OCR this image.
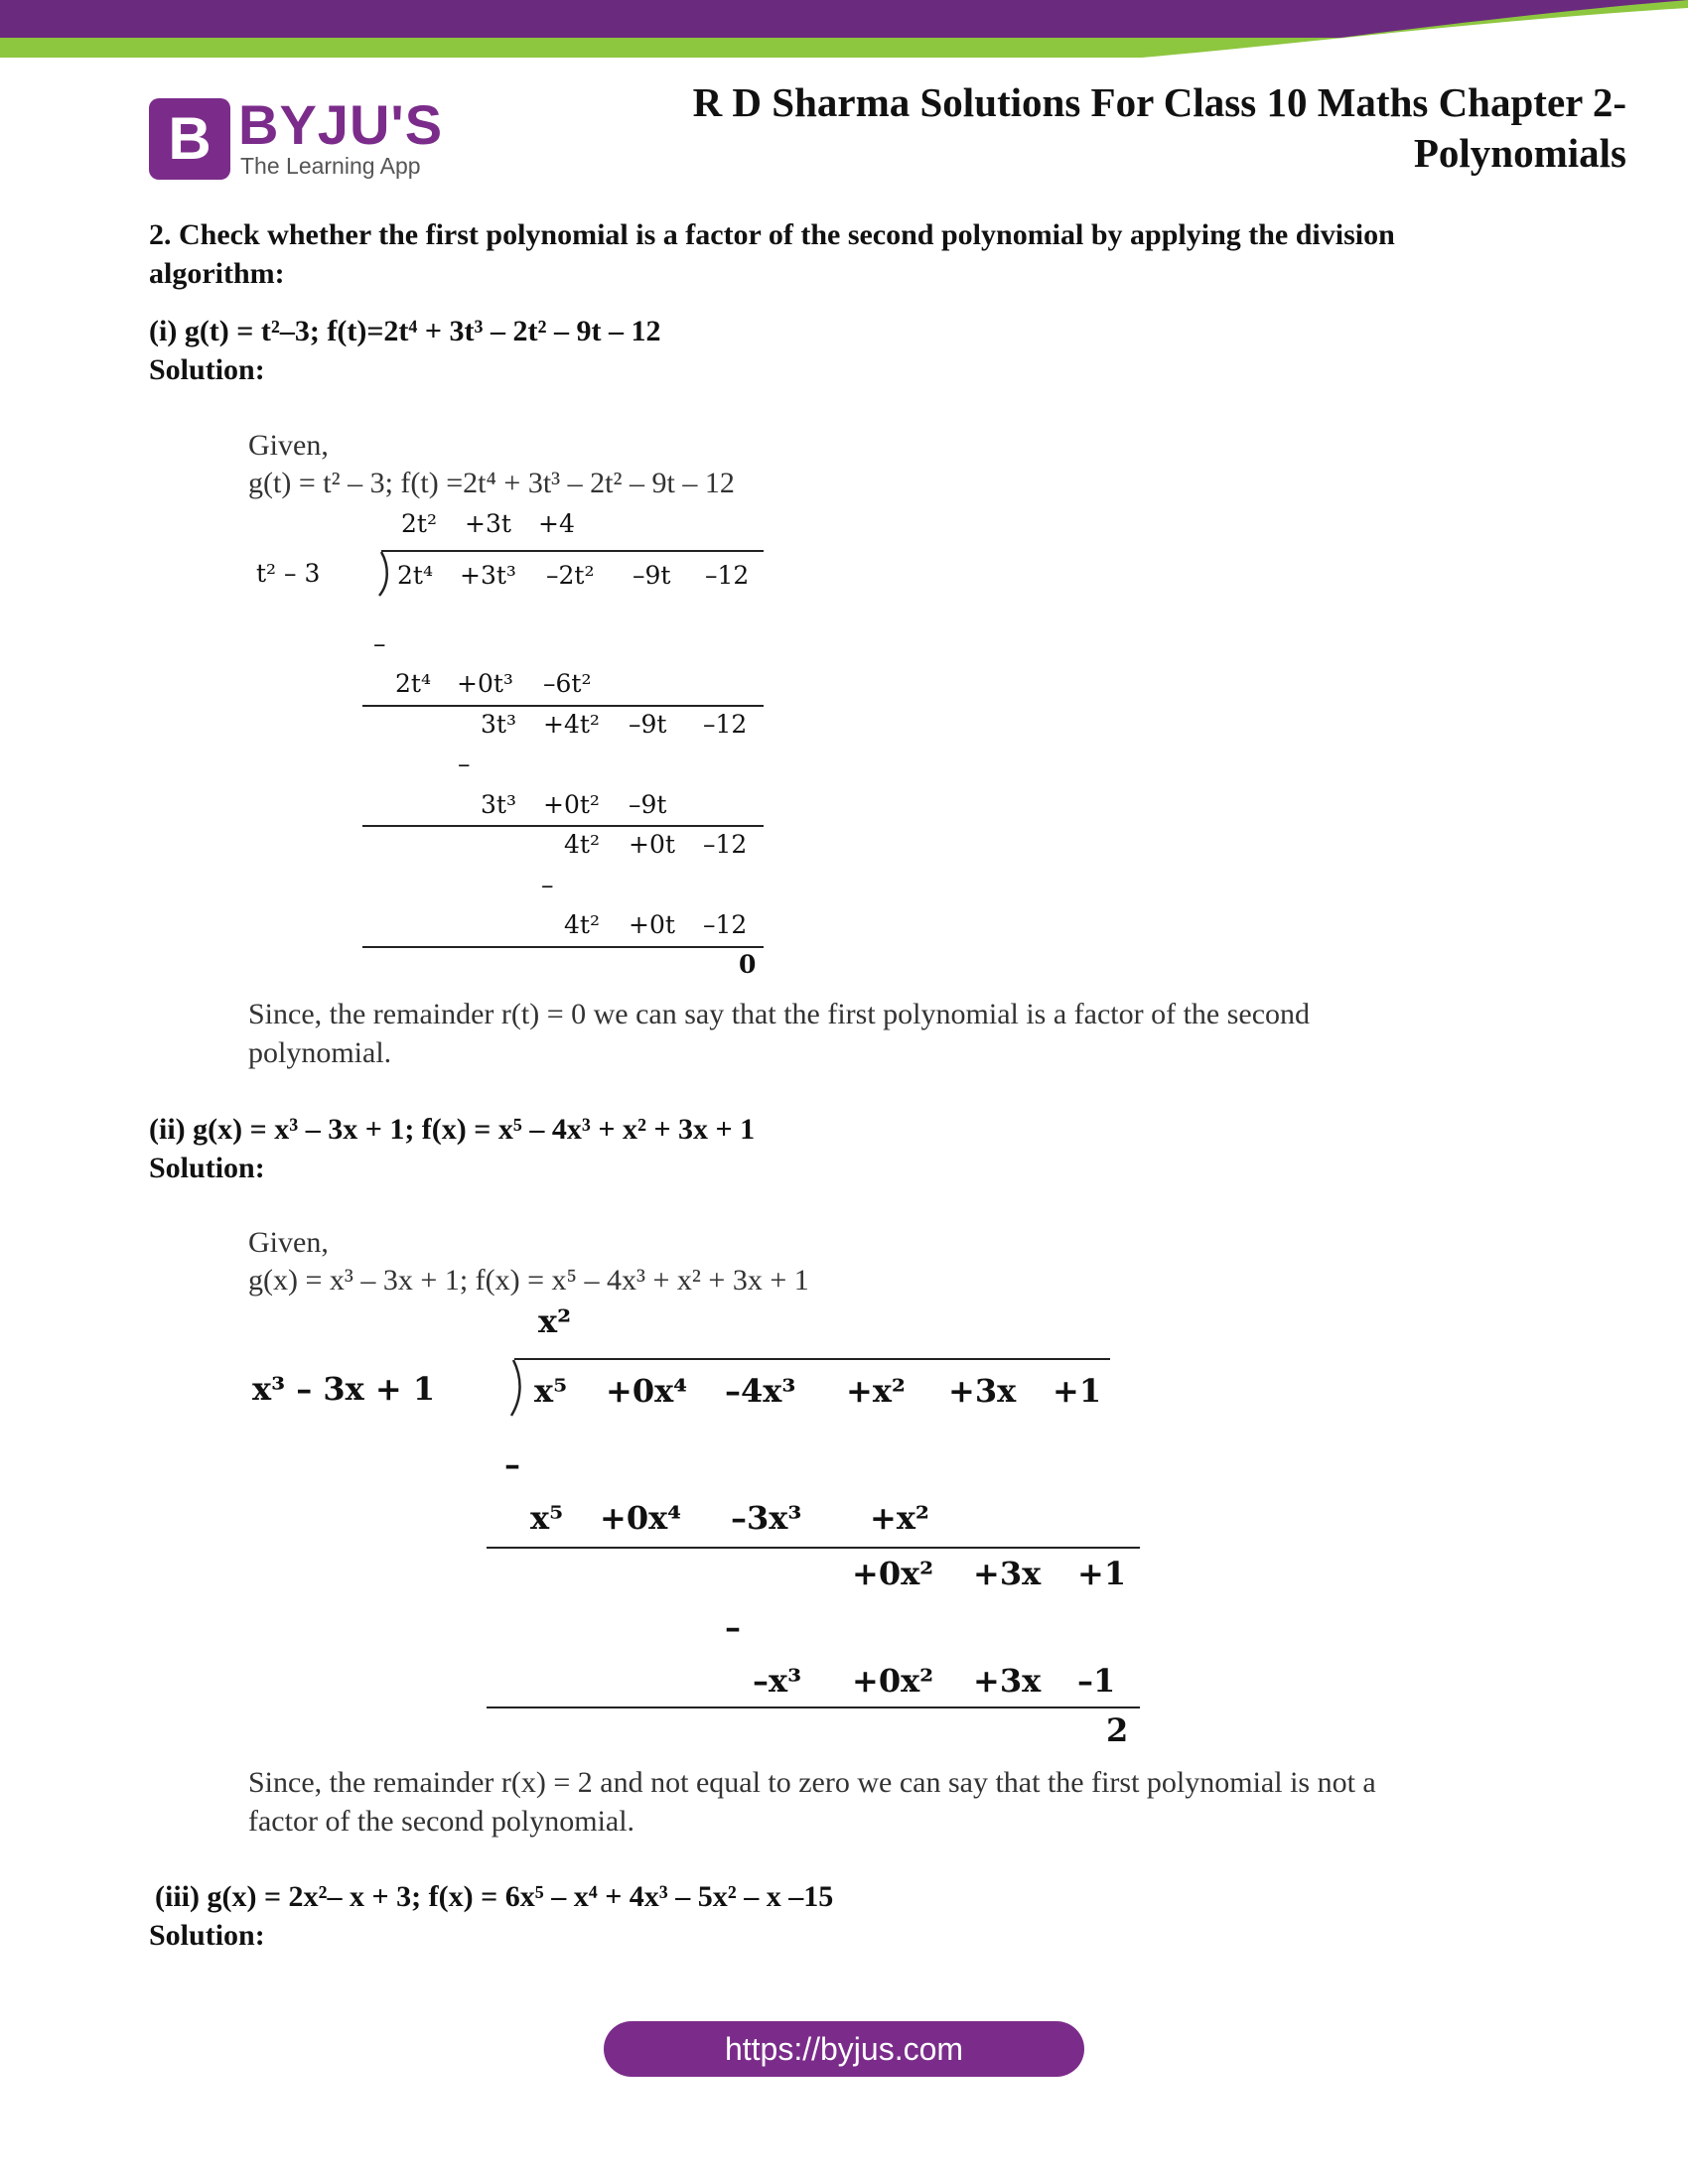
B BYJU'S
The Learning App
R D Sharma Solutions For Class 10 Maths Chapter 2-
Polynomials
2. Check whether the first polynomial is a factor of the second polynomial by applying the division
algorithm:
(i) g(t) = t²–3; f(t)=2t⁴ + 3t³ – 2t² – 9t – 12
Solution:
Given,
g(t) = t² – 3; f(t) =2t⁴ + 3t³ – 2t² – 9t – 12
2t² +3t +4
t² – 3	2t⁴ +3t³ –2t² –9t –12
–
2t⁴ +0t³ –6t²
3t³ +4t² –9t –12
–
3t³ +0t² –9t
4t² +0t –12
–
4t² +0t –12
0
Since, the remainder r(t) = 0 we can say that the first polynomial is a factor of the second
polynomial.
(ii) g(x) = x³ – 3x + 1; f(x) = x⁵ – 4x³ + x² + 3x + 1
Solution:
Given,
g(x) = x³ – 3x + 1; f(x) = x⁵ – 4x³ + x² + 3x + 1
x²
x³ – 3x + 1	x⁵ +0x⁴ –4x³ +x² +3x +1
–
x⁵ +0x⁴ –3x³ +x²
+0x² +3x +1
–
–x³ +0x² +3x –1
2
Since, the remainder r(x) = 2 and not equal to zero we can say that the first polynomial is not a
factor of the second polynomial.
(iii) g(x) = 2x²– x + 3; f(x) = 6x⁵ – x⁴ + 4x³ – 5x² – x –15
Solution:
https://byjus.com
